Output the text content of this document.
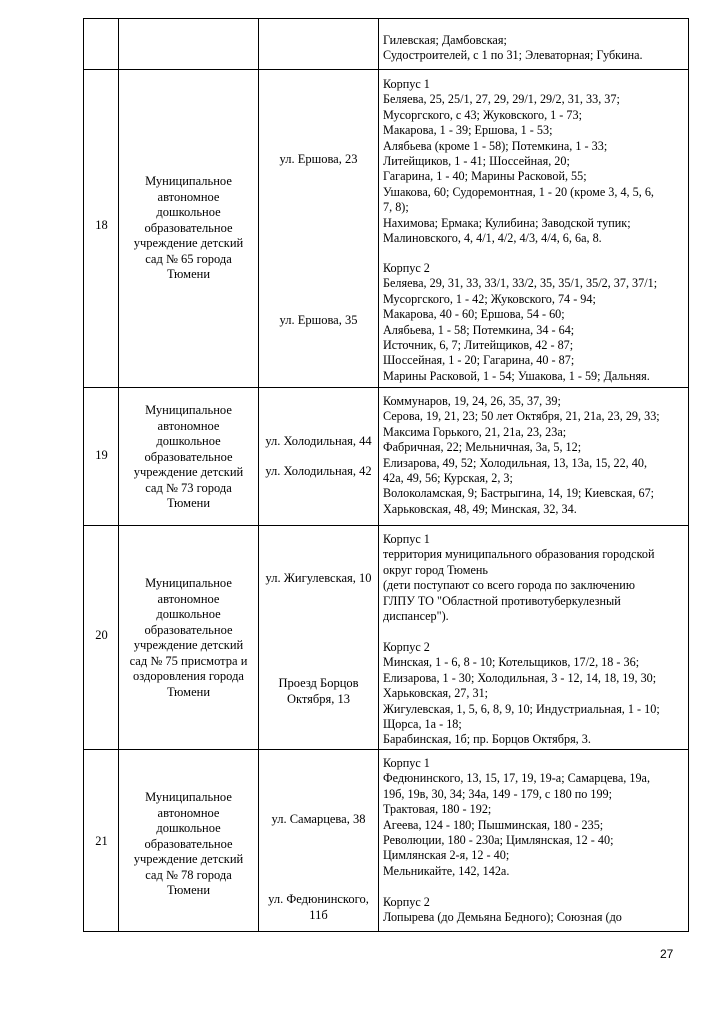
Гилевская; Дамбовская;
Судостроителей, с 1 по 31; Элеваторная; Губкина.
18
Муниципальное
автономное
дошкольное
образовательное
учреждение детский
сад № 65 города
Тюмени
ул. Ершова, 23
ул. Ершова, 35
Корпус 1
Беляева, 25, 25/1, 27, 29, 29/1, 29/2, 31, 33, 37;
Мусоргского, с 43; Жуковского, 1 - 73;
Макарова, 1 - 39; Ершова, 1 - 53;
Алябьева (кроме 1 - 58); Потемкина, 1 - 33;
Литейщиков, 1 - 41; Шоссейная, 20;
Гагарина, 1 - 40; Марины Расковой, 55;
Ушакова, 60; Судоремонтная, 1 - 20 (кроме 3, 4, 5, 6,
7, 8);
Нахимова; Ермака; Кулибина; Заводской тупик;
Малиновского, 4, 4/1, 4/2, 4/3, 4/4, 6, 6а, 8.
Корпус 2
Беляева, 29, 31, 33, 33/1, 33/2, 35, 35/1, 35/2, 37, 37/1;
Мусоргского, 1 - 42; Жуковского, 74 - 94;
Макарова, 40 - 60; Ершова, 54 - 60;
Алябьева, 1 - 58; Потемкина, 34 - 64;
Источник, 6, 7; Литейщиков, 42 - 87;
Шоссейная, 1 - 20; Гагарина, 40 - 87;
Марины Расковой, 1 - 54; Ушакова, 1 - 59; Дальняя.
19
Муниципальное
автономное
дошкольное
образовательное
учреждение детский
сад № 73 города
Тюмени
ул. Холодильная, 44
ул. Холодильная, 42
Коммунаров, 19, 24, 26, 35, 37, 39;
Серова, 19, 21, 23; 50 лет Октября, 21, 21а, 23, 29, 33;
Максима Горького, 21, 21а, 23, 23а;
Фабричная, 22; Мельничная, 3а, 5, 12;
Елизарова, 49, 52; Холодильная, 13, 13а, 15, 22, 40,
42а, 49, 56; Курская, 2, 3;
Волоколамская, 9; Бастрыгина, 14, 19; Киевская, 67;
Харьковская, 48, 49; Минская, 32, 34.
20
Муниципальное
автономное
дошкольное
образовательное
учреждение детский
сад № 75 присмотра и
оздоровления города
Тюмени
ул. Жигулевская, 10
Проезд Борцов
Октября, 13
Корпус 1
территория муниципального образования городской
округ город Тюмень
(дети поступают со всего города по заключению
ГЛПУ ТО "Областной противотуберкулезный
диспансер").
Корпус 2
Минская, 1 - 6, 8 - 10; Котельщиков, 17/2, 18 - 36;
Елизарова, 1 - 30; Холодильная, 3 - 12, 14, 18, 19, 30;
Харьковская, 27, 31;
Жигулевская, 1, 5, 6, 8, 9, 10; Индустриальная, 1 - 10;
Щорса, 1а - 18;
Барабинская, 1б; пр. Борцов Октября, 3.
21
Муниципальное
автономное
дошкольное
образовательное
учреждение детский
сад № 78 города
Тюмени
ул. Самарцева, 38
ул. Федюнинского,
11б
Корпус 1
Федюнинского, 13, 15, 17, 19, 19-а; Самарцева, 19а,
19б, 19в, 30, 34; 34а, 149 - 179, с 180 по 199;
Трактовая, 180 - 192;
Агеева, 124 - 180; Пышминская, 180 - 235;
Революции, 180 - 230а; Цимлянская, 12 - 40;
Цимлянская 2-я, 12 - 40;
Мельникайте, 142, 142а.
Корпус 2
Лопырева (до Демьяна Бедного); Союзная (до
27
